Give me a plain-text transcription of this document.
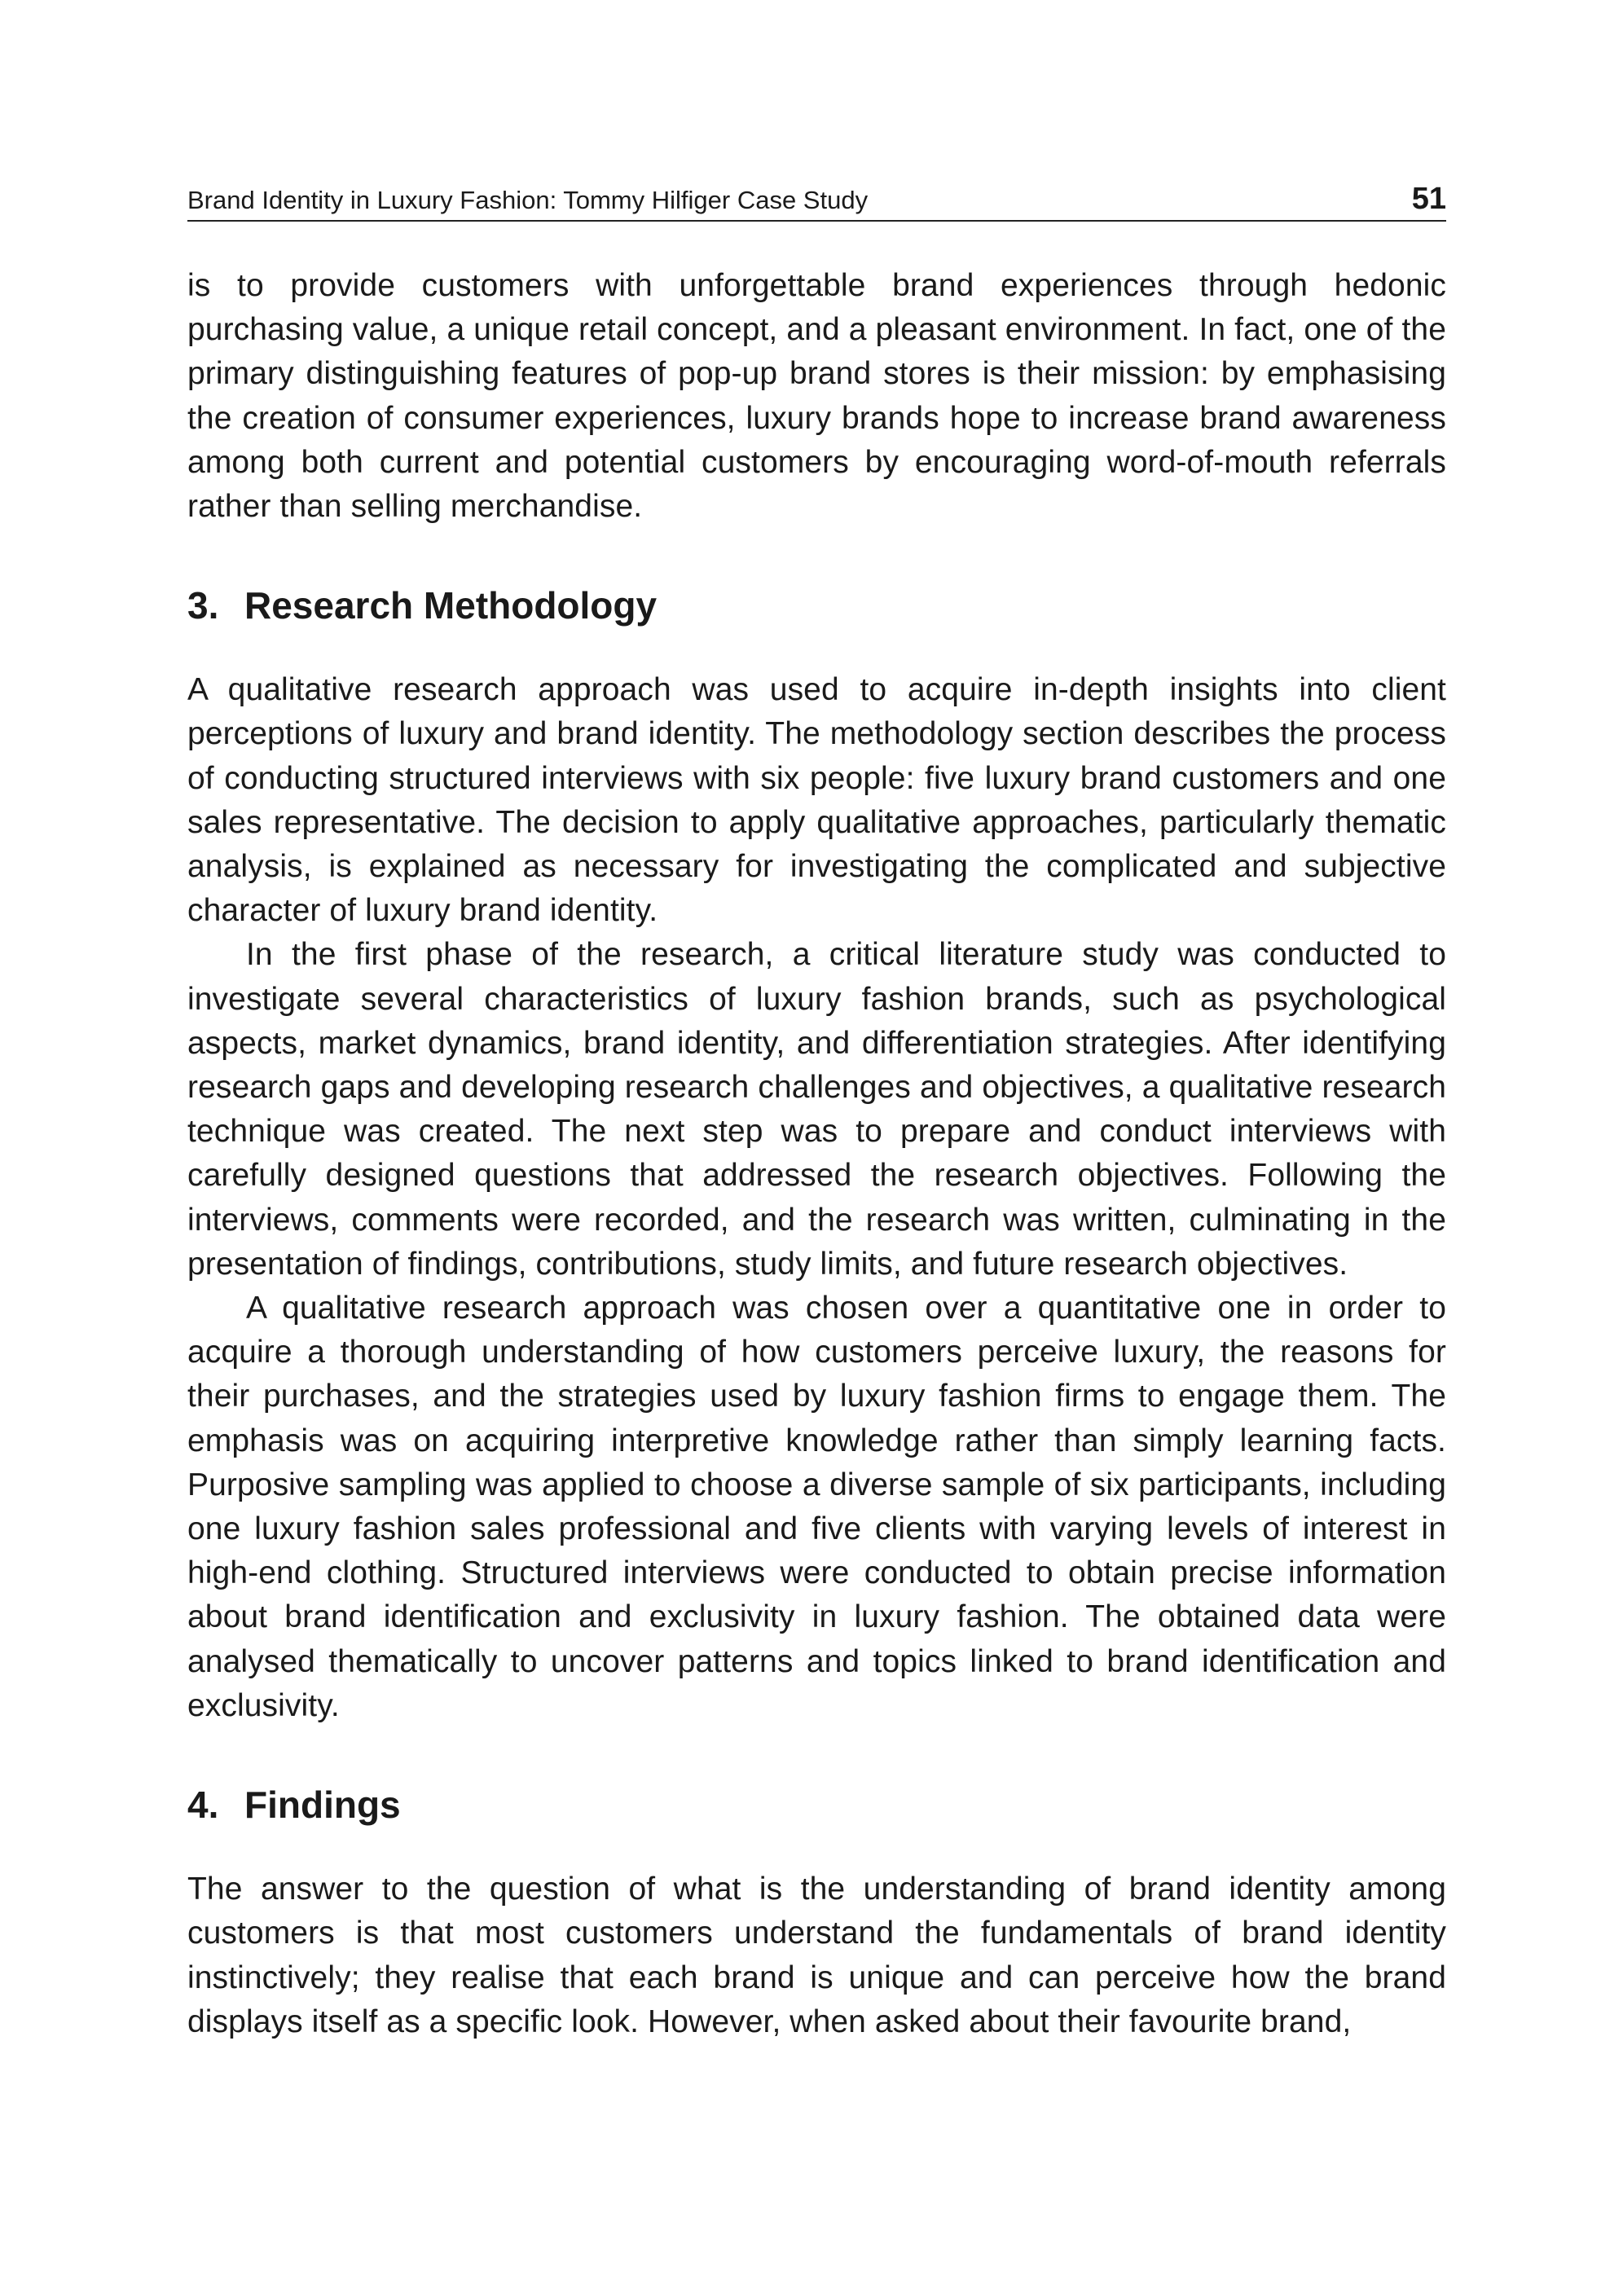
Brand Identity in Luxury Fashion: Tommy Hilfiger Case Study	51

is to provide customers with unforgettable brand experiences through hedonic purchasing value, a unique retail concept, and a pleasant environment. In fact, one of the primary distinguishing features of pop-up brand stores is their mission: by emphasising the creation of consumer experiences, luxury brands hope to increase brand awareness among both current and potential customers by encouraging word-of-mouth referrals rather than selling merchandise.

3. Research Methodology

A qualitative research approach was used to acquire in-depth insights into client perceptions of luxury and brand identity. The methodology section describes the process of conducting structured interviews with six people: five luxury brand customers and one sales representative. The decision to apply qualitative approaches, particularly thematic analysis, is explained as necessary for investigating the complicated and subjective character of luxury brand identity.

In the first phase of the research, a critical literature study was conducted to investigate several characteristics of luxury fashion brands, such as psychological aspects, market dynamics, brand identity, and differentiation strategies. After identifying research gaps and developing research challenges and objectives, a qualitative research technique was created. The next step was to prepare and conduct interviews with carefully designed questions that addressed the research objectives. Following the interviews, comments were recorded, and the research was written, culminating in the presentation of findings, contributions, study limits, and future research objectives.

A qualitative research approach was chosen over a quantitative one in order to acquire a thorough understanding of how customers perceive luxury, the reasons for their purchases, and the strategies used by luxury fashion firms to engage them. The emphasis was on acquiring interpretive knowledge rather than simply learning facts. Purposive sampling was applied to choose a diverse sample of six participants, including one luxury fashion sales professional and five clients with varying levels of interest in high-end clothing. Structured interviews were conducted to obtain precise information about brand identification and exclusivity in luxury fashion. The obtained data were analysed thematically to uncover patterns and topics linked to brand identification and exclusivity.

4. Findings

The answer to the question of what is the understanding of brand identity among customers is that most customers understand the fundamentals of brand identity instinctively; they realise that each brand is unique and can perceive how the brand displays itself as a specific look. However, when asked about their favourite brand,
